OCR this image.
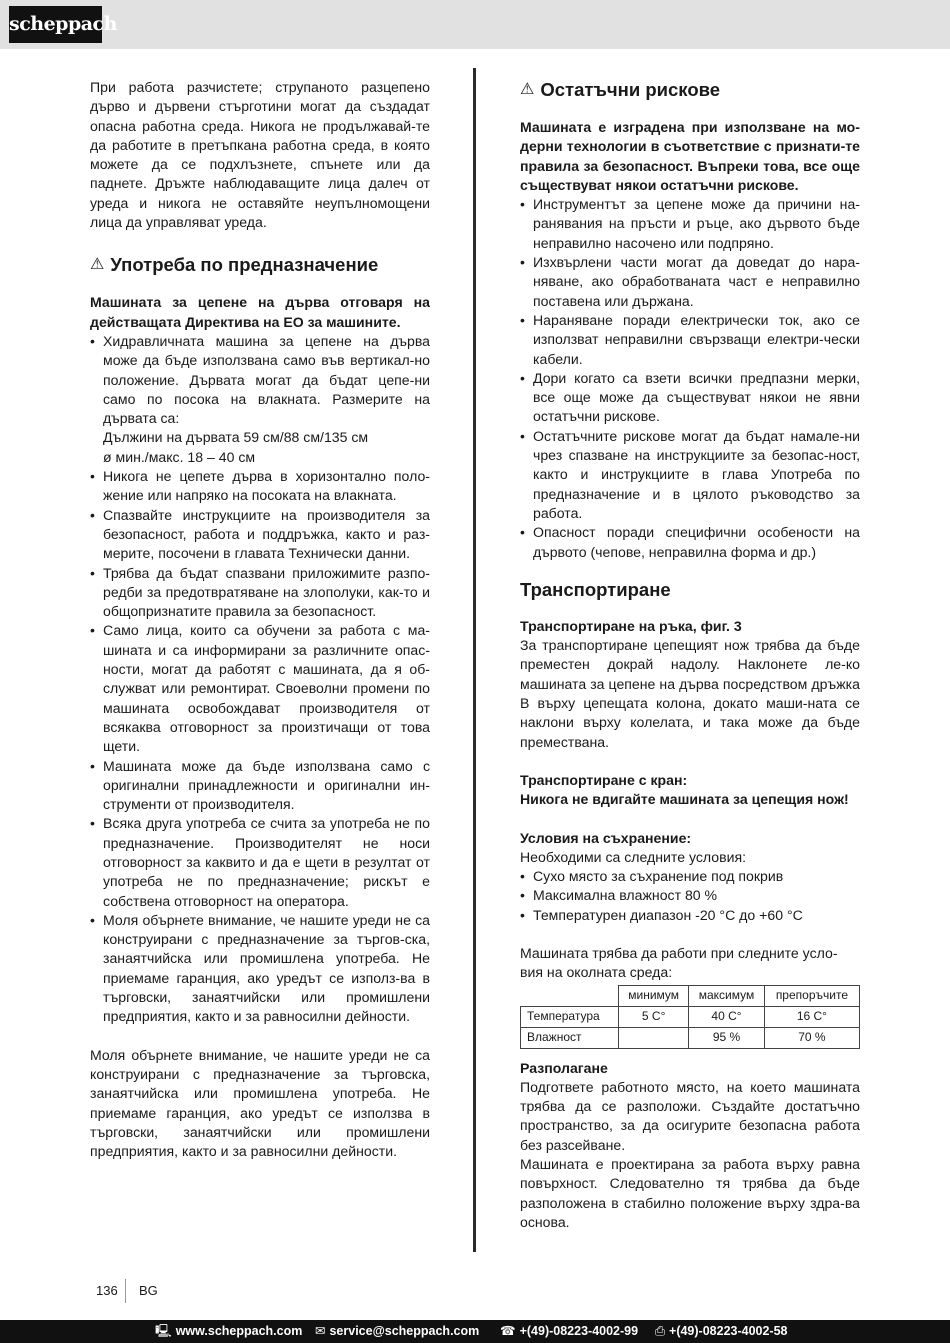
scheppach

При работа разчистете; струпаното разцепено дърво и дървени стърготини могат да създадат опасна работна среда. Никога не продължавай-те да работите в претъпкана работна среда, в която можете да се подхлъзнете, спънете или да паднете. Дръжте наблюдаващите лица далеч от уреда и никога не оставяйте неупълномощени лица да управляват уреда.

⚠ Употреба по предназначение

Машината за цепене на дърва отговаря на действащата Директива на ЕО за машините.

• Хидравличната машина за цепене на дърва може да бъде използвана само във вертикал-но положение. Дървата могат да бъдат цепе-ни само по посока на влакната. Размерите на дървата са:
Дължини на дървата 59 см/88 см/135 см
ø мин./макс. 18 – 40 см
• Никога не цепете дърва в хоризонтално поло-жение или напряко на посоката на влакната.
• Спазвайте инструкциите на производителя за безопасност, работа и поддръжка, както и раз-мерите, посочени в главата Технически данни.
• Трябва да бъдат спазвани приложимите разпо-редби за предотвратяване на злополуки, как-то и общопризнатите правила за безопасност.
• Само лица, които са обучени за работа с ма-шината и са информирани за различните опас-ности, могат да работят с машината, да я об-служват или ремонтират. Своеволни промени по машината освобождават производителя от всякаква отговорност за произтичащи от това щети.
• Машината може да бъде използвана само с оригинални принадлежности и оригинални ин-струменти от производителя.
• Всяка друга употреба се счита за употреба не по предназначение. Производителят не носи отговорност за каквито и да е щети в резултат от употреба не по предназначение; рискът е собствена отговорност на оператора.
• Моля обърнете внимание, че нашите уреди не са конструирани с предназначение за търгов-ска, занаятчийска или промишлена употреба. Не приемаме гаранция, ако уредът се използ-ва в търговски, занаятчийски или промишлени предприятия, както и за равносилни дейности.

Моля обърнете внимание, че нашите уреди не са конструирани с предназначение за търговска, занаятчийска или промишлена употреба. Не приемаме гаранция, ако уредът се използва в търговски, занаятчийски или промишлени предприятия, както и за равносилни дейности.

⚠ Остатъчни рискове

Машината е изградена при използване на мо-дерни технологии в съответствие с признати-те правила за безопасност. Въпреки това, все още съществуват някои остатъчни рискове.

• Инструментът за цепене може да причини на-ранявания на пръсти и ръце, ако дървото бъде неправилно насочено или подпряно.
• Изхвърлени части могат да доведат до нара-няване, ако обработваната част е неправилно поставена или държана.
• Нараняване поради електрически ток, ако се използват неправилни свързващи електри-чески кабели.
• Дори когато са взети всички предпазни мерки, все още може да съществуват някои не явни остатъчни рискове.
• Остатъчните рискове могат да бъдат намале-ни чрез спазване на инструкциите за безопас-ност, както и инструкциите в глава Употреба по предназначение и в цялото ръководство за работа.
• Опасност поради специфични особености на дървото (чепове, неправилна форма и др.)
Транспортиране

Транспортиране на ръка, фиг. 3

За транспортиране цепещият нож трябва да бъде преместен докрай надолу. Наклонете ле-ко машината за цепене на дърва посредством дръжка В върху цепещата колона, докато маши-ната се наклони върху колелата, и така може да бъде премествана.

Транспортиране с кран:

Никога не вдигайте машината за цепещия нож!

Условия на съхранение:

Необходими са следните условия:

• Сухо място за съхранение под покрив
• Максимална влажност 80 %
• Температурен диапазон -20 °C до +60 °C

Машината трябва да работи при следните усло-вия на околната среда:

	минимум	максимум	препоръчите
Температура	5 C°	40 C°	16 C°
Влажност		95 %	70 %

Разполагане

Подгответе работното място, на което машината трябва да се разположи. Създайте достатъчно пространство, за да осигурите безопасна работа без разсейване.

Машината е проектирана за работа върху равна повърхност. Следователно тя трябва да бъде разположена в стабилно положение върху здра-ва основа.

136 BG
🖳 www.scheppach.com ✉ service@scheppach.com ☎ +(49)-08223-4002-99 ⎙ +(49)-08223-4002-58
